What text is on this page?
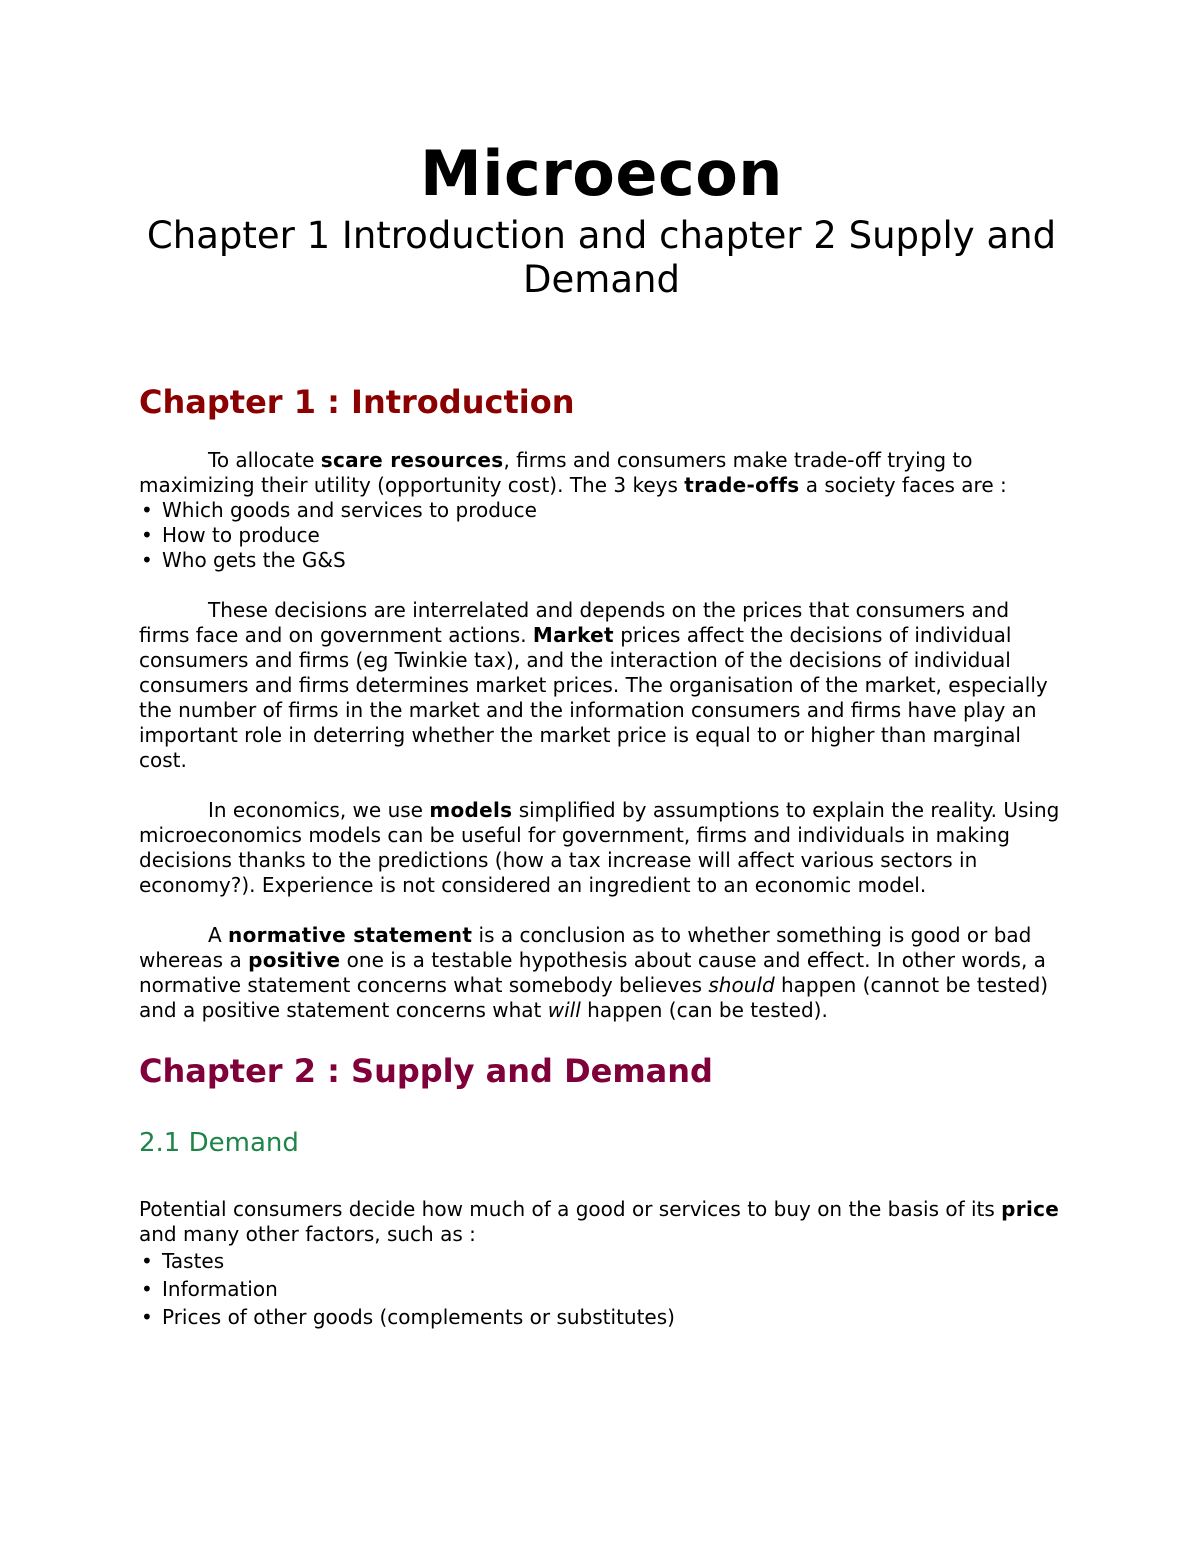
Microecon
Chapter 1 Introduction and chapter 2 Supply and Demand
Chapter 1 : Introduction

To allocate scare resources, firms and consumers make trade-off trying to maximizing their utility (opportunity cost). The 3 keys trade-offs a society faces are :

• Which goods and services to produce
• How to produce
• Who gets the G&S

These decisions are interrelated and depends on the prices that consumers and firms face and on government actions. Market prices affect the decisions of individual consumers and firms (eg Twinkie tax), and the interaction of the decisions of individual consumers and firms determines market prices. The organisation of the market, especially the number of firms in the market and the information consumers and firms have play an important role in deterring whether the market price is equal to or higher than marginal cost.

In economics, we use models simplified by assumptions to explain the reality. Using microeconomics models can be useful for government, firms and individuals in making decisions thanks to the predictions (how a tax increase will affect various sectors in economy?). Experience is not considered an ingredient to an economic model.

A normative statement is a conclusion as to whether something is good or bad whereas a positive one is a testable hypothesis about cause and effect. In other words, a normative statement concerns what somebody believes should happen (cannot be tested) and a positive statement concerns what will happen (can be tested).

Chapter 2 : Supply and Demand
2.1 Demand

Potential consumers decide how much of a good or services to buy on the basis of its price and many other factors, such as :

• Tastes
• Information
• Prices of other goods (complements or substitutes)
